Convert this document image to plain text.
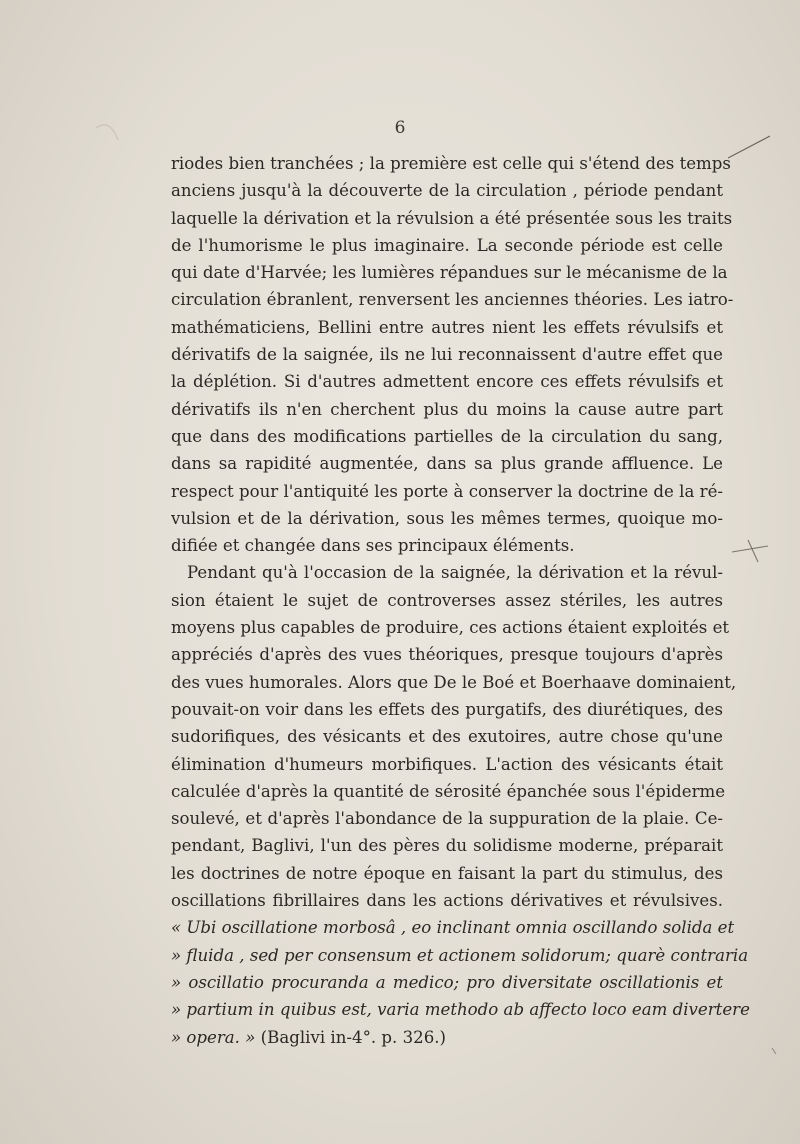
6
riodes bien tranchées ; la première est celle qui s'étend des temps
anciens jusqu'à la découverte de la circulation , période pendant
laquelle la dérivation et la révulsion a été présentée sous les traits
de l'humorisme le plus imaginaire. La seconde période est celle
qui date d'Harvée; les lumières répandues sur le mécanisme de la
circulation ébranlent, renversent les anciennes théories. Les iatro-
mathématiciens, Bellini entre autres nient les effets révulsifs et
dérivatifs de la saignée, ils ne lui reconnaissent d'autre effet que
la déplétion. Si d'autres admettent encore ces effets révulsifs et
dérivatifs ils n'en cherchent plus du moins la cause autre part
que dans des modifications partielles de la circulation du sang,
dans sa rapidité augmentée, dans sa plus grande affluence. Le
respect pour l'antiquité les porte à conserver la doctrine de la ré-
vulsion et de la dérivation, sous les mêmes termes, quoique mo-
difiée et changée dans ses principaux éléments.
Pendant qu'à l'occasion de la saignée, la dérivation et la révul-
sion étaient le sujet de controverses assez stériles, les autres
moyens plus capables de produire, ces actions étaient exploités et
appréciés d'après des vues théoriques, presque toujours d'après
des vues humorales. Alors que De le Boé et Boerhaave dominaient,
pouvait-on voir dans les effets des purgatifs, des diurétiques, des
sudorifiques, des vésicants et des exutoires, autre chose qu'une
élimination d'humeurs morbifiques. L'action des vésicants était
calculée d'après la quantité de sérosité épanchée sous l'épiderme
soulevé, et d'après l'abondance de la suppuration de la plaie. Ce-
pendant, Baglivi, l'un des pères du solidisme moderne, préparait
les doctrines de notre époque en faisant la part du stimulus, des
oscillations fibrillaires dans les actions dérivatives et révulsives.
« Ubi oscillatione morbosâ , eo inclinant omnia oscillando solida et
» fluida , sed per consensum et actionem solidorum; quarè contraria
» oscillatio procuranda a medico; pro diversitate oscillationis et
» partium in quibus est, varia methodo ab affecto loco eam divertere
» opera. » (Baglivi in-4°. p. 326.)
